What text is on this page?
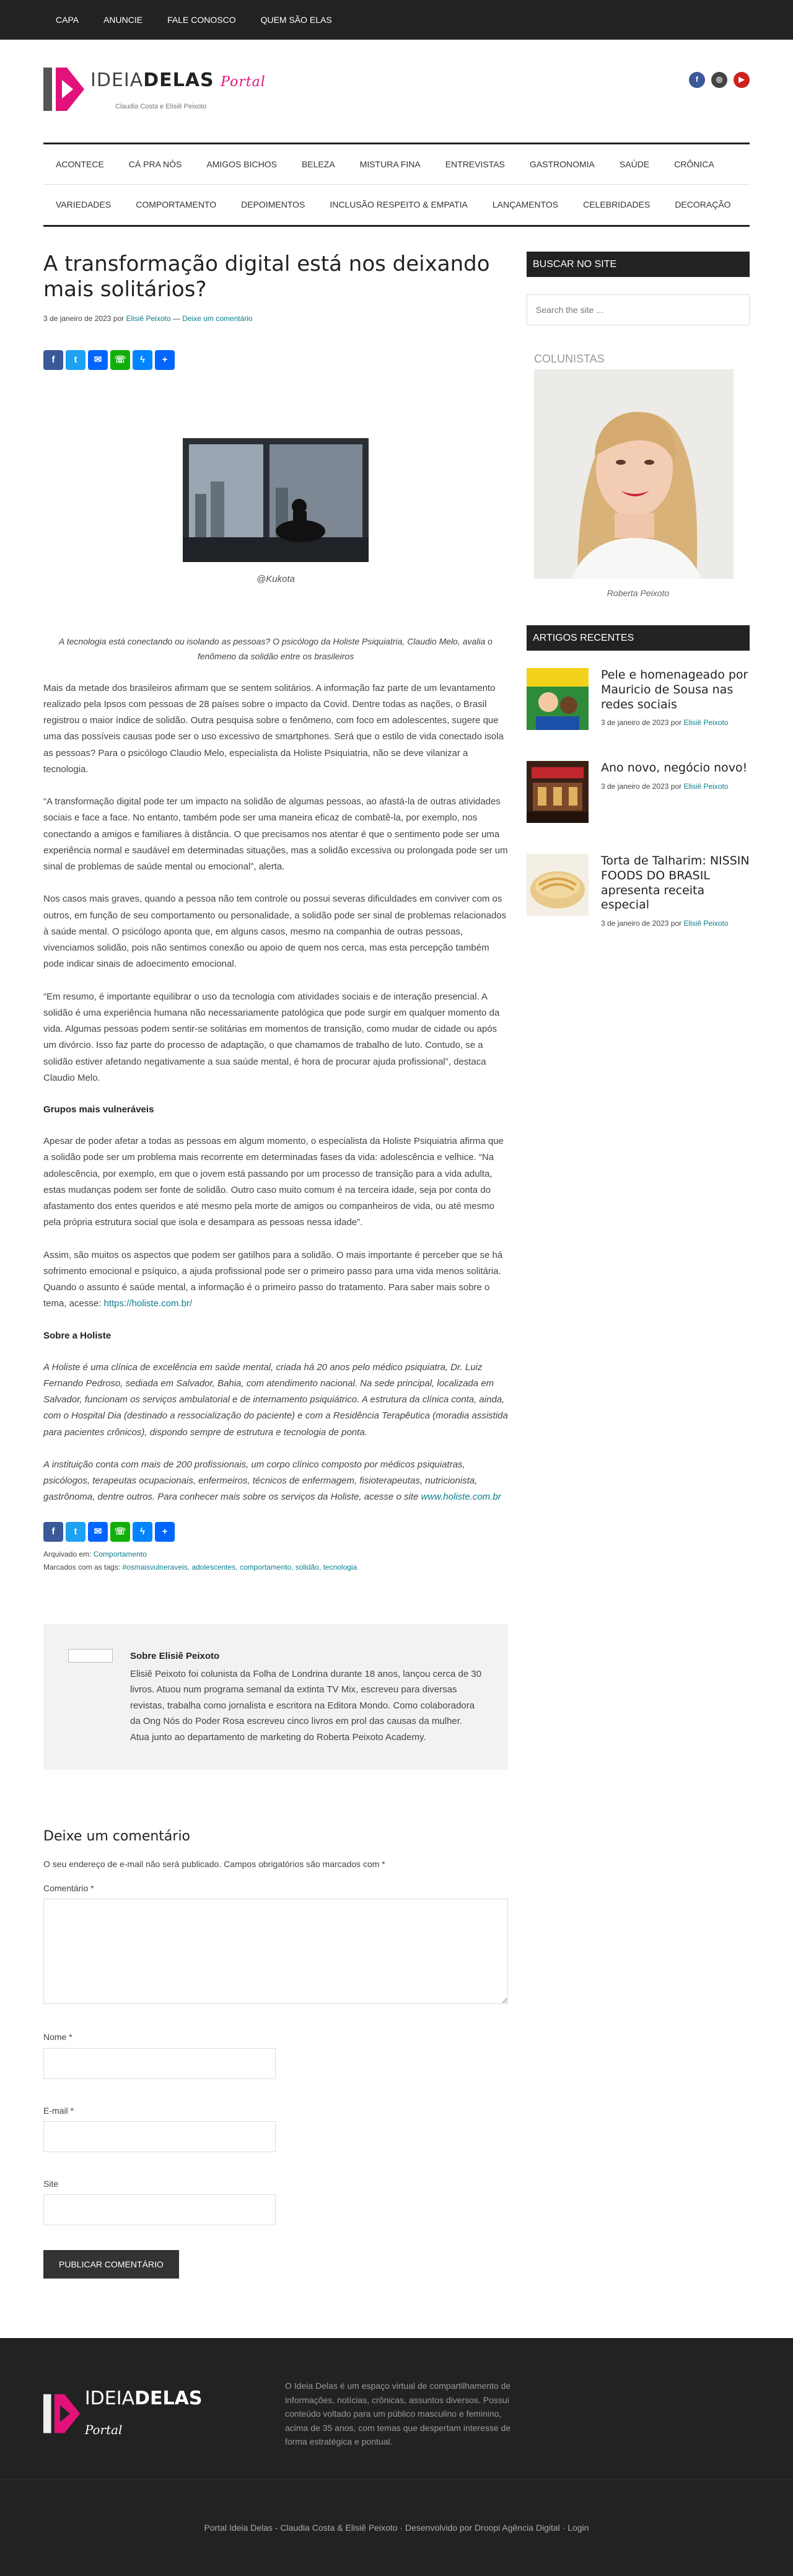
CAPA	ANUNCIE	FALE CONOSCO	QUEM SÃO ELAS
IDEIADELAS Portal
Claudia Costa e Elisiê Peixoto
f	◎	▶
ACONTECE	CÁ PRA NÓS	AMIGOS BICHOS	BELEZA	MISTURA FINA	ENTREVISTAS	GASTRONOMIA	SAÚDE	CRÔNICA
VARIEDADES	COMPORTAMENTO	DEPOIMENTOS	INCLUSÃO RESPEITO & EMPATIA	LANÇAMENTOS	CELEBRIDADES	DECORAÇÃO
A transformação digital está nos deixando mais solitários?
3 de janeiro de 2023 por Elisiê Peixoto — Deixe um comentário
f	t	✉	☏	ϟ	+
@Kukota

A tecnologia está conectando ou isolando as pessoas? O psicólogo da Holiste Psiquiatria, Claudio Melo, avalia o fenômeno da solidão entre os brasileiros

Mais da metade dos brasileiros afirmam que se sentem solitários. A informação faz parte de um levantamento realizado pela Ipsos com pessoas de 28 países sobre o impacto da Covid. Dentre todas as nações, o Brasil registrou o maior índice de solidão. Outra pesquisa sobre o fenômeno, com foco em adolescentes, sugere que uma das possíveis causas pode ser o uso excessivo de smartphones. Será que o estilo de vida conectado isola as pessoas? Para o psicólogo Claudio Melo, especialista da Holiste Psiquiatria, não se deve vilanizar a tecnologia.

“A transformação digital pode ter um impacto na solidão de algumas pessoas, ao afastá-la de outras atividades sociais e face a face. No entanto, também pode ser uma maneira eficaz de combatê-la, por exemplo, nos conectando a amigos e familiares à distância. O que precisamos nos atentar é que o sentimento pode ser uma experiência normal e saudável em determinadas situações, mas a solidão excessiva ou prolongada pode ser um sinal de problemas de saúde mental ou emocional”, alerta.

Nos casos mais graves, quando a pessoa não tem controle ou possui severas dificuldades em conviver com os outros, em função de seu comportamento ou personalidade, a solidão pode ser sinal de problemas relacionados à saúde mental. O psicólogo aponta que, em alguns casos, mesmo na companhia de outras pessoas, vivenciamos solidão, pois não sentimos conexão ou apoio de quem nos cerca, mas esta percepção também pode indicar sinais de adoecimento emocional.

“Em resumo, é importante equilibrar o uso da tecnologia com atividades sociais e de interação presencial. A solidão é uma experiência humana não necessariamente patológica que pode surgir em qualquer momento da vida. Algumas pessoas podem sentir-se solitárias em momentos de transição, como mudar de cidade ou após um divórcio. Isso faz parte do processo de adaptação, o que chamamos de trabalho de luto. Contudo, se a solidão estiver afetando negativamente a sua saúde mental, é hora de procurar ajuda profissional”, destaca Claudio Melo.

Grupos mais vulneráveis

Apesar de poder afetar a todas as pessoas em algum momento, o especialista da Holiste Psiquiatria afirma que a solidão pode ser um problema mais recorrente em determinadas fases da vida: adolescência e velhice. “Na adolescência, por exemplo, em que o jovem está passando por um processo de transição para a vida adulta, estas mudanças podem ser fonte de solidão. Outro caso muito comum é na terceira idade, seja por conta do afastamento dos entes queridos e até mesmo pela morte de amigos ou companheiros de vida, ou até mesmo pela própria estrutura social que isola e desampara as pessoas nessa idade”.

Assim, são muitos os aspectos que podem ser gatilhos para a solidão. O mais importante é perceber que se há sofrimento emocional e psíquico, a ajuda profissional pode ser o primeiro passo para uma vida menos solitária. Quando o assunto é saúde mental, a informação é o primeiro passo do tratamento. Para saber mais sobre o tema, acesse: https://holiste.com.br/

Sobre a Holiste

A Holiste é uma clínica de excelência em saúde mental, criada há 20 anos pelo médico psiquiatra, Dr. Luiz Fernando Pedroso, sediada em Salvador, Bahia, com atendimento nacional. Na sede principal, localizada em Salvador, funcionam os serviços ambulatorial e de internamento psiquiátrico. A estrutura da clínica conta, ainda, com o Hospital Dia (destinado a ressocialização do paciente) e com a Residência Terapêutica (moradia assistida para pacientes crônicos), dispondo sempre de estrutura e tecnologia de ponta.

A instituição conta com mais de 200 profissionais, um corpo clínico composto por médicos psiquiatras, psicólogos, terapeutas ocupacionais, enfermeiros, técnicos de enfermagem, fisioterapeutas, nutricionista, gastrônoma, dentre outros. Para conhecer mais sobre os serviços da Holiste, acesse o site www.holiste.com.br

f	t	✉	☏	ϟ	+
Arquivado em: Comportamento
Marcados com as tags: #osmaisvulneraveis, adolescentes, comportamento, solidão, tecnologia
Sobre Elisiê Peixoto

Elisiê Peixoto foi colunista da Folha de Londrina durante 18 anos, lançou cerca de 30 livros. Atuou num programa semanal da extinta TV Mix, escreveu para diversas revistas, trabalha como jornalista e escritora na Editora Mondo. Como colaboradora da Ong Nós do Poder Rosa escreveu cinco livros em prol das causas da mulher. Atua junto ao departamento de marketing do Roberta Peixoto Academy.

Deixe um comentário

O seu endereço de e-mail não será publicado. Campos obrigatórios são marcados com *

Comentário *
Nome *
E-mail *
Site
PUBLICAR COMENTÁRIO
BUSCAR NO SITE
Search the site ...
COLUNISTAS
Roberta Peixoto
ARTIGOS RECENTES
Pele e homenageado por Mauricio de Sousa nas redes sociais
3 de janeiro de 2023 por Elisiê Peixoto
Ano novo, negócio novo!
3 de janeiro de 2023 por Elisiê Peixoto
Torta de Talharim: NISSIN FOODS DO BRASIL apresenta receita especial
3 de janeiro de 2023 por Elisiê Peixoto
IDEIADELAS Portal
O Ideia Delas é um espaço virtual de compartilhamento de informações, notícias, crônicas, assuntos diversos. Possui conteúdo voltado para um público masculino e feminino, acima de 35 anos, com temas que despertam interesse de forma estratégica e pontual.
Portal Ideia Delas - Claudia Costa & Elisiê Peixoto · Desenvolvido por Droopi Agência Digital · Login
